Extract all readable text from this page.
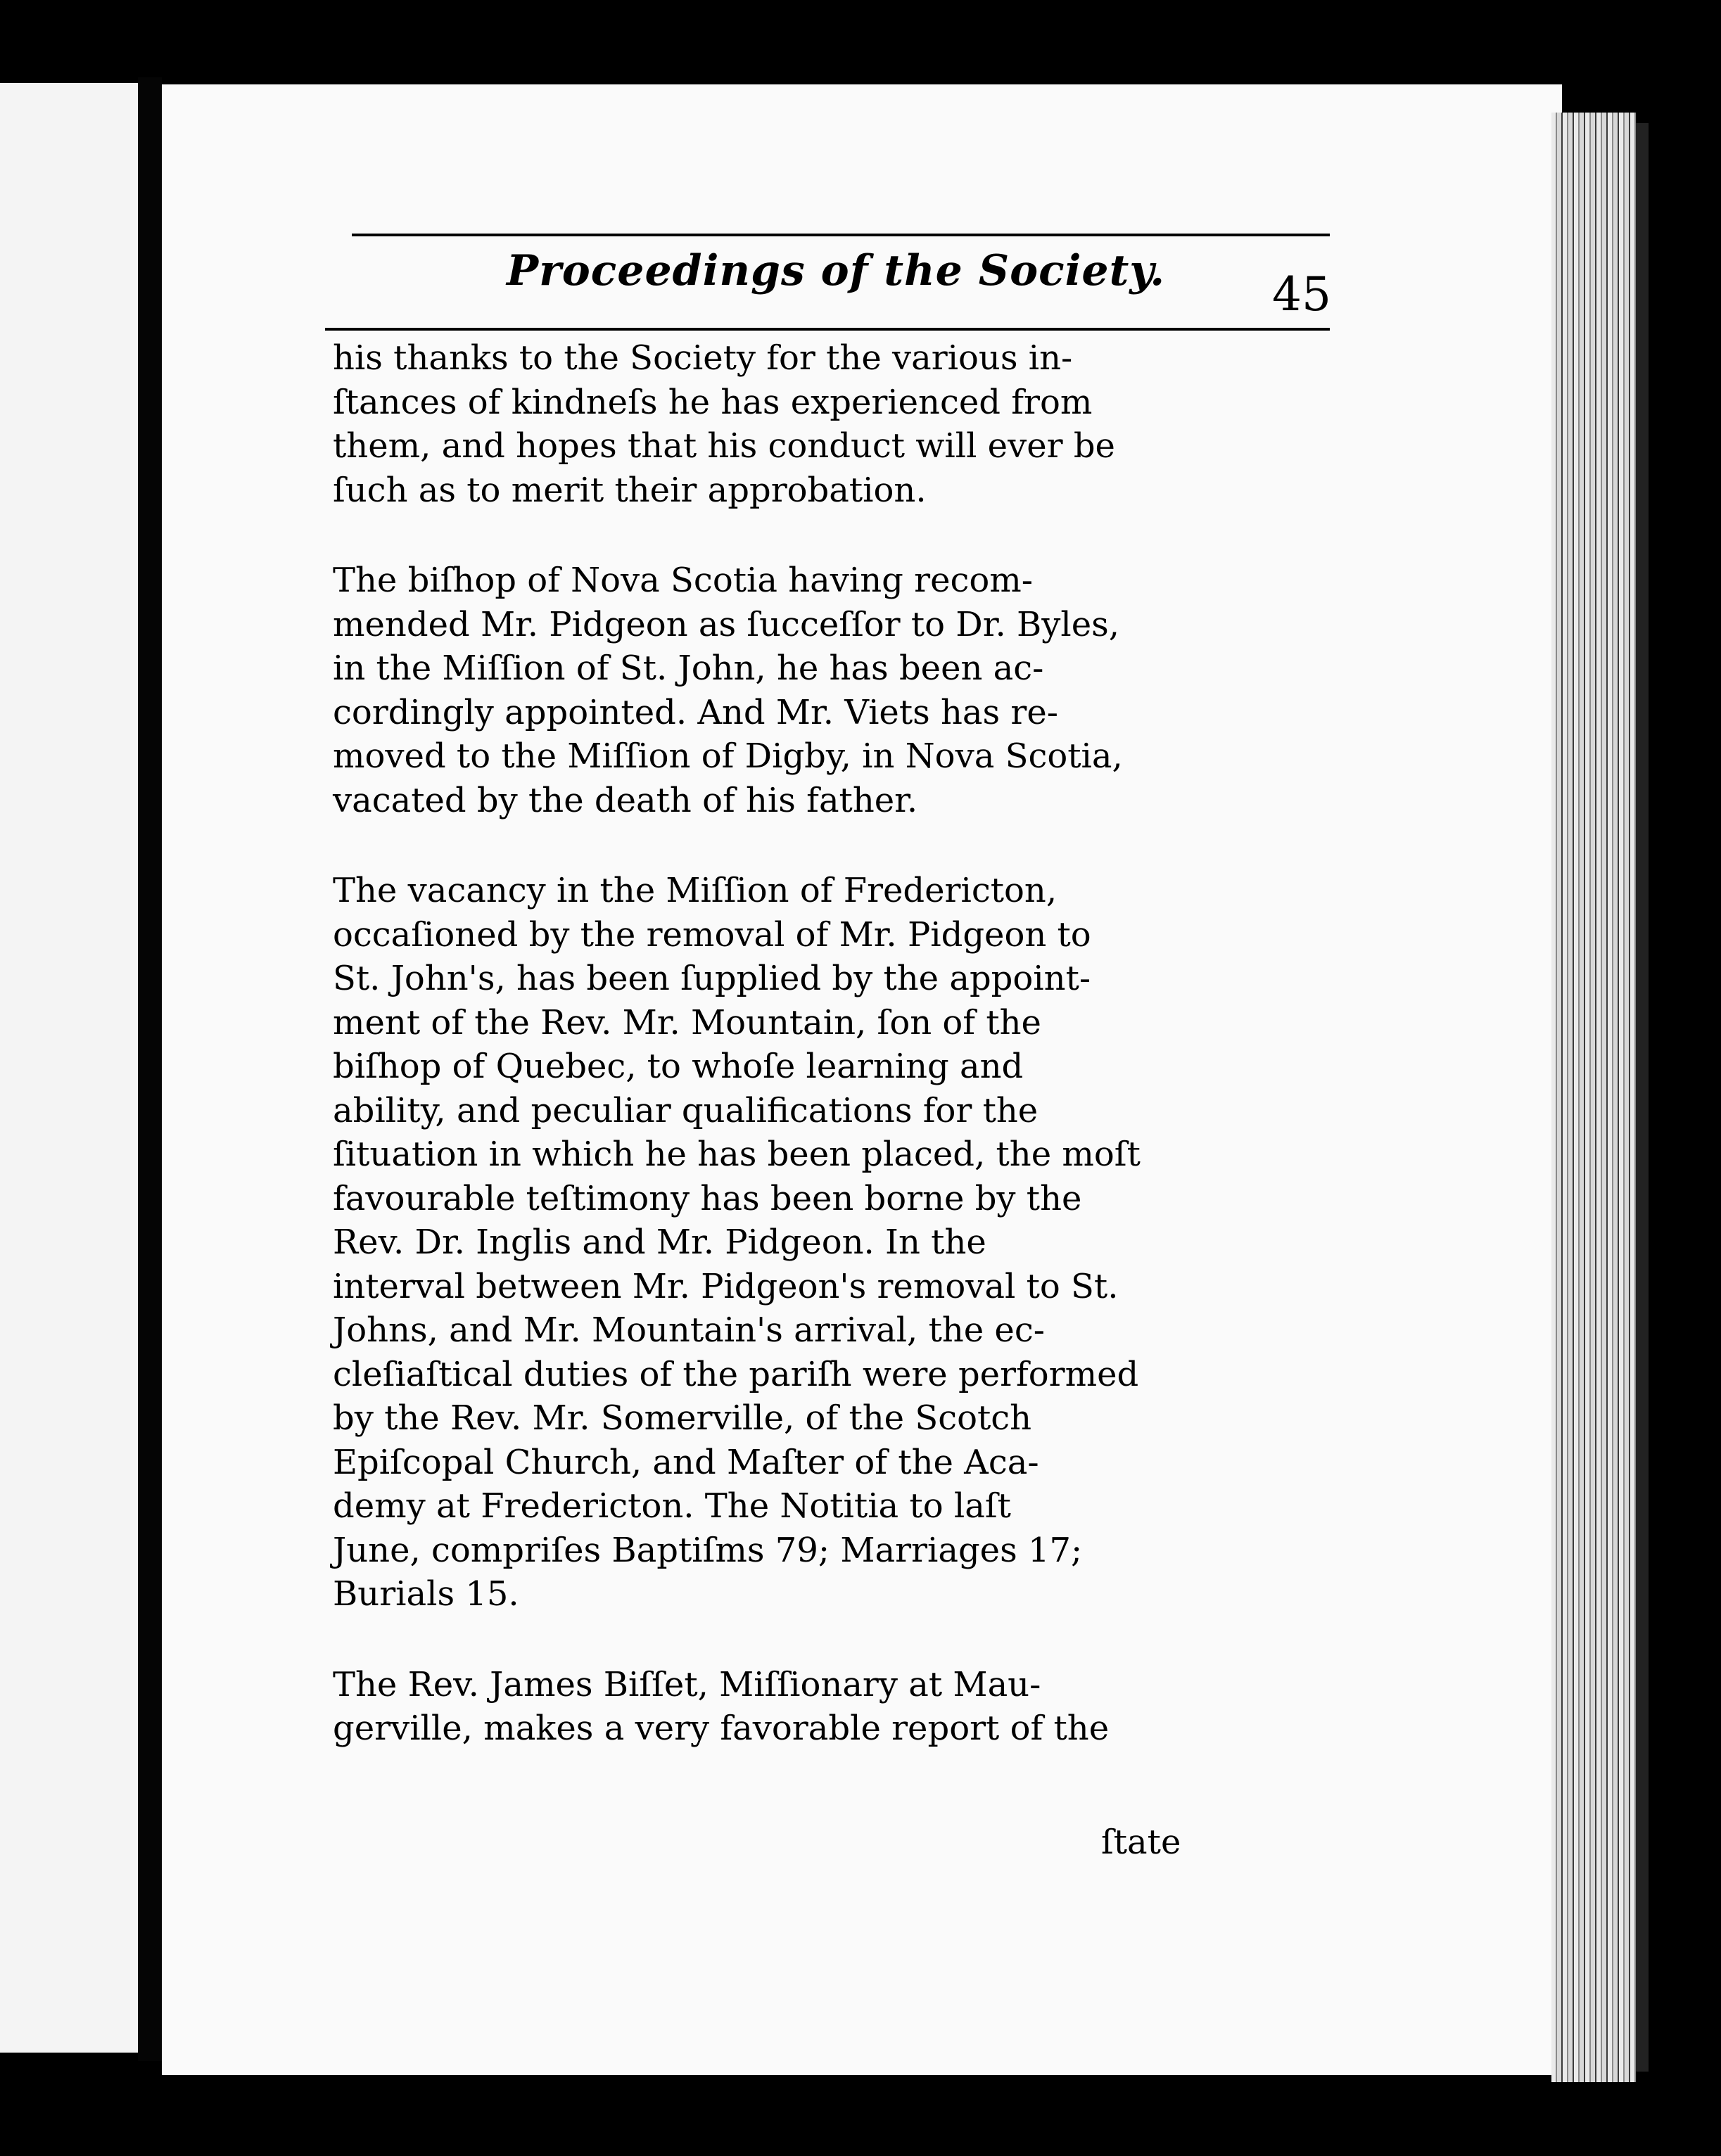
Proceedings of the Society. 45

his thanks to the Society for the various in-
ſtances of kindneſs he has experienced from
them, and hopes that his conduct will ever be
ſuch as to merit their approbation.

The biſhop of Nova Scotia having recom-
mended Mr. Pidgeon as ſucceſſor to Dr. Byles,
in the Miſſion of St. John, he has been ac-
cordingly appointed. And Mr. Viets has re-
moved to the Miſſion of Digby, in Nova Scotia,
vacated by the death of his father.

The vacancy in the Miſſion of Fredericton,
occaſioned by the removal of Mr. Pidgeon to
St. John's, has been ſupplied by the appoint-
ment of the Rev. Mr. Mountain, ſon of the
biſhop of Quebec, to whoſe learning and
ability, and peculiar qualifications for the
ſituation in which he has been placed, the moſt
favourable teſtimony has been borne by the
Rev. Dr. Inglis and Mr. Pidgeon. In the
interval between Mr. Pidgeon's removal to St.
Johns, and Mr. Mountain's arrival, the ec-
cleſiaſtical duties of the pariſh were performed
by the Rev. Mr. Somerville, of the Scotch
Epiſcopal Church, and Maſter of the Aca-
demy at Fredericton. The Notitia to laſt
June, compriſes Baptiſms 79; Marriages 17;
Burials 15.

The Rev. James Biſſet, Miſſionary at Mau-
gerville, makes a very favorable report of the

ſtate
